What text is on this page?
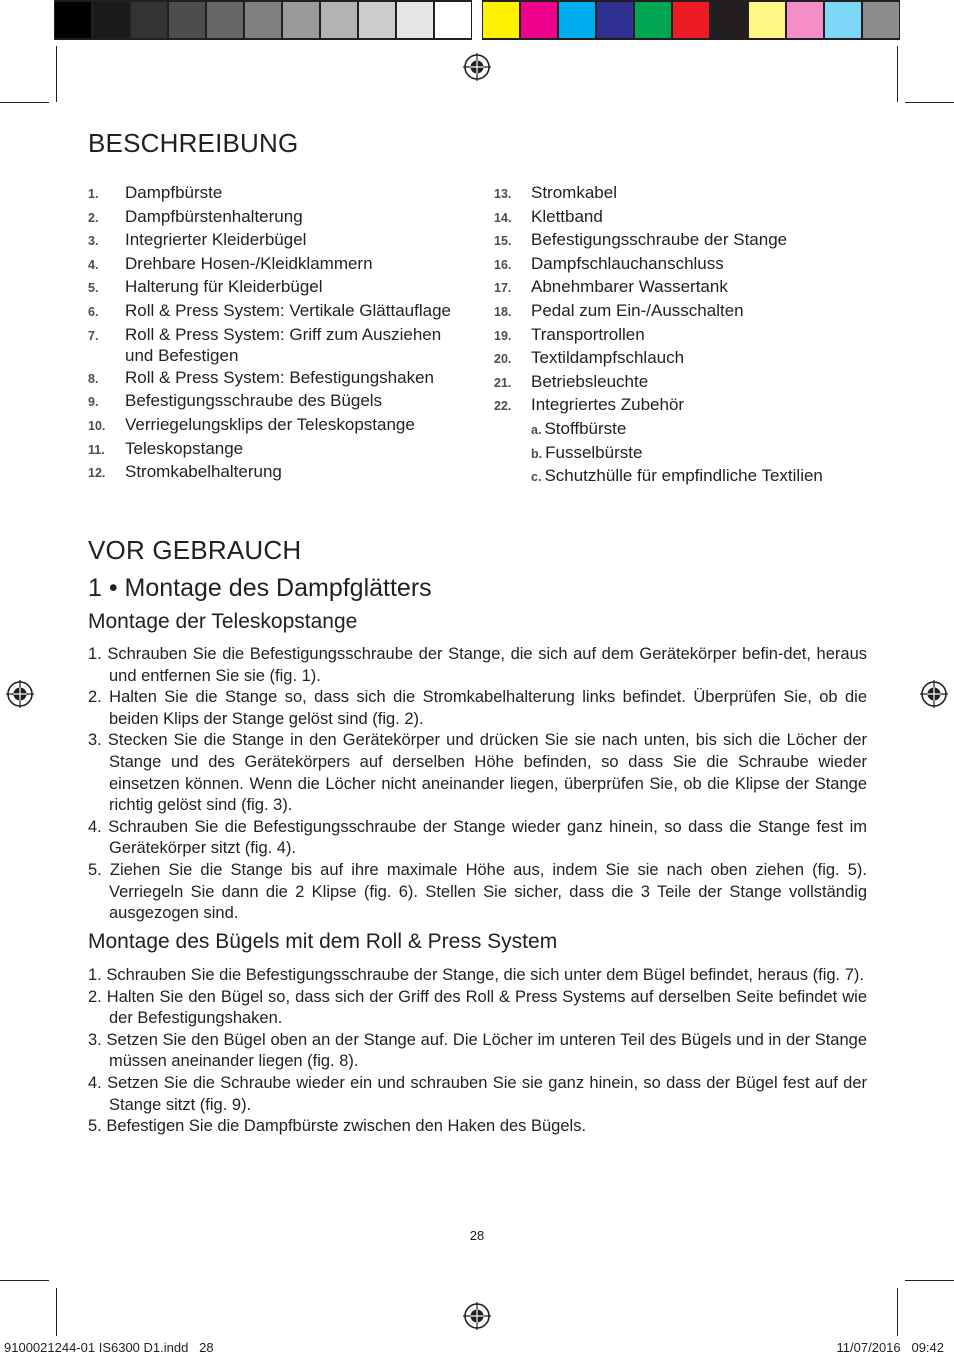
BESCHREIBUNG
1.	Dampfbürste
2.	Dampfbürstenhalterung
3.	Integrierter Kleiderbügel
4.	Drehbare Hosen-/Kleidklammern
5.	Halterung für Kleiderbügel
6.	Roll & Press System: Vertikale Glättauflage
7.	Roll & Press System: Griff zum Ausziehen und Befestigen
8.	Roll & Press System: Befestigungshaken
9.	Befestigungsschraube des Bügels
10.	Verriegelungsklips der Teleskopstange
11.	Teleskopstange
12.	Stromkabelhalterung
13.	Stromkabel
14.	Klettband
15.	Befestigungsschraube der Stange
16.	Dampfschlauchanschluss
17.	Abnehmbarer Wassertank
18.	Pedal zum Ein-/Ausschalten
19.	Transportrollen
20.	Textildampfschlauch
21.	Betriebsleuchte
22.	Integriertes Zubehör
a. Stoffbürste
b. Fusselbürste
c. Schutzhülle für empfindliche Textilien
VOR GEBRAUCH
1 • Montage des Dampfglätters
Montage der Teleskopstange
1. Schrauben Sie die Befestigungsschraube der Stange, die sich auf dem Gerätekörper befin-det, heraus und entfernen Sie sie (fig. 1).
2. Halten Sie die Stange so, dass sich die Stromkabelhalterung links befindet. Überprüfen Sie, ob die beiden Klips der Stange gelöst sind (fig. 2).
3. Stecken Sie die Stange in den Gerätekörper und drücken Sie sie nach unten, bis sich die Löcher der Stange und des Gerätekörpers auf derselben Höhe befinden, so dass Sie die Schraube wieder einsetzen können. Wenn die Löcher nicht aneinander liegen, überprüfen Sie, ob die Klipse der Stange richtig gelöst sind (fig. 3).
4. Schrauben Sie die Befestigungsschraube der Stange wieder ganz hinein, so dass die Stange fest im Gerätekörper sitzt (fig. 4).
5. Ziehen Sie die Stange bis auf ihre maximale Höhe aus, indem Sie sie nach oben ziehen (fig. 5). Verriegeln Sie dann die 2 Klipse (fig. 6). Stellen Sie sicher, dass die 3 Teile der Stange vollständig ausgezogen sind.
Montage des Bügels mit dem Roll & Press System
1. Schrauben Sie die Befestigungsschraube der Stange, die sich unter dem Bügel befindet, heraus (fig. 7).
2. Halten Sie den Bügel so, dass sich der Griff des Roll & Press Systems auf derselben Seite befindet wie der Befestigungshaken.
3. Setzen Sie den Bügel oben an der Stange auf. Die Löcher im unteren Teil des Bügels und in der Stange müssen aneinander liegen (fig. 8).
4. Setzen Sie die Schraube wieder ein und schrauben Sie sie ganz hinein, so dass der Bügel fest auf der Stange sitzt (fig. 9).
5. Befestigen Sie die Dampfbürste zwischen den Haken des Bügels.
28
9100021244-01 IS6300 D1.indd   28	11/07/2016   09:42
